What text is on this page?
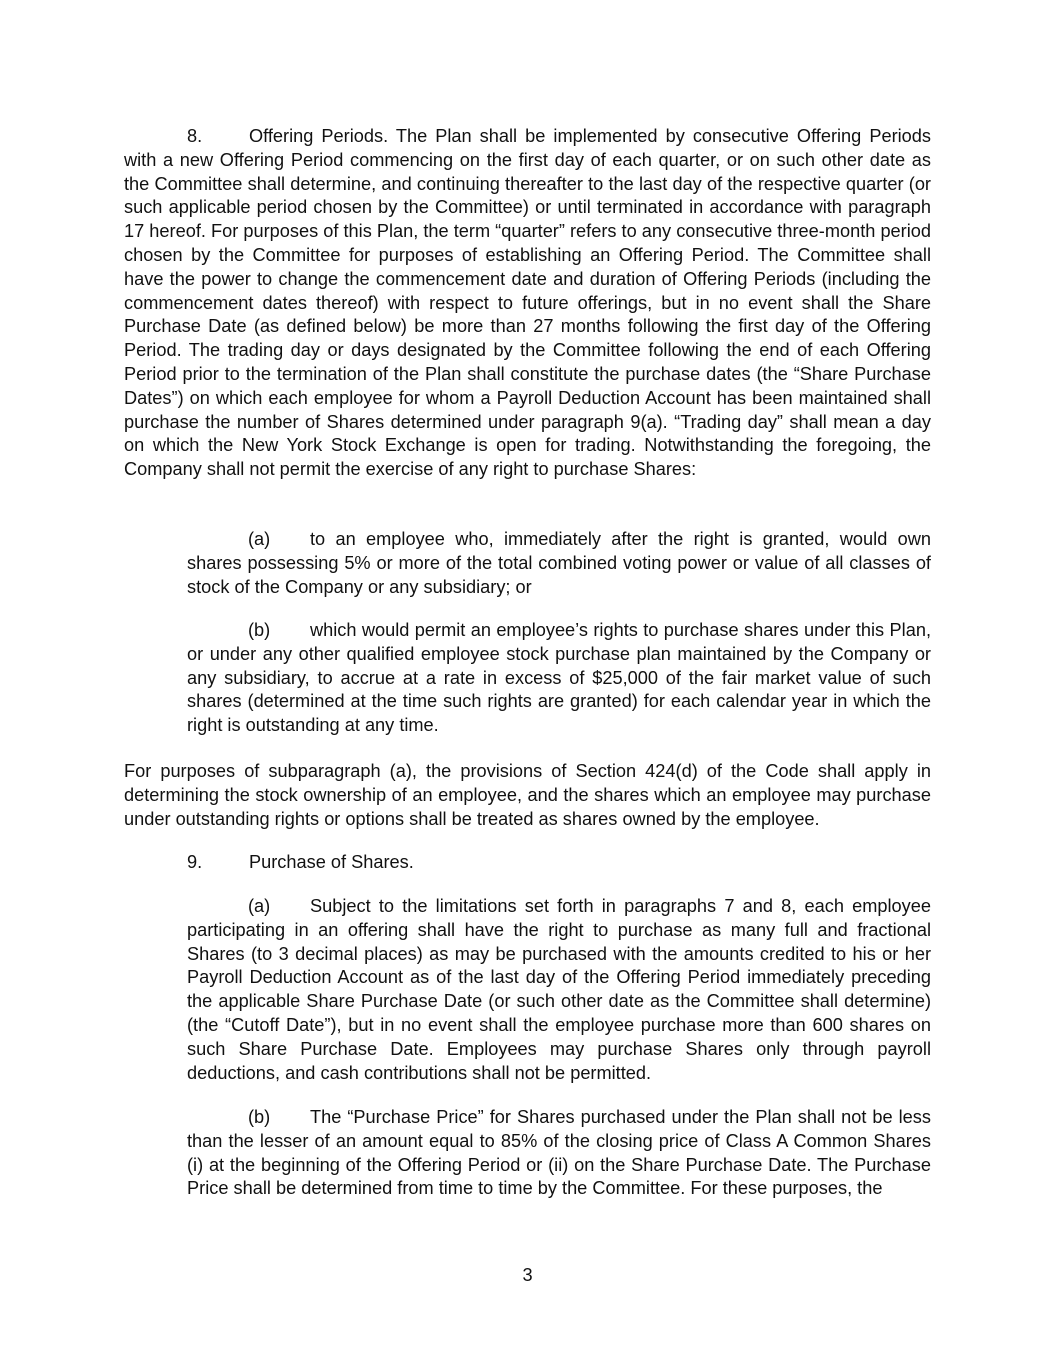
8.	Offering Periods. The Plan shall be implemented by consecutive Offering Periods with a new Offering Period commencing on the first day of each quarter, or on such other date as the Committee shall determine, and continuing thereafter to the last day of the respective quarter (or such applicable period chosen by the Committee) or until terminated in accordance with paragraph 17 hereof. For purposes of this Plan, the term “quarter” refers to any consecutive three-month period chosen by the Committee for purposes of establishing an Offering Period. The Committee shall have the power to change the commencement date and duration of Offering Periods (including the commencement dates thereof) with respect to future offerings, but in no event shall the Share Purchase Date (as defined below) be more than 27 months following the first day of the Offering Period. The trading day or days designated by the Committee following the end of each Offering Period prior to the termination of the Plan shall constitute the purchase dates (the “Share Purchase Dates”) on which each employee for whom a Payroll Deduction Account has been maintained shall purchase the number of Shares determined under paragraph 9(a). “Trading day” shall mean a day on which the New York Stock Exchange is open for trading. Notwithstanding the foregoing, the Company shall not permit the exercise of any right to purchase Shares:

(a) to an employee who, immediately after the right is granted, would own shares possessing 5% or more of the total combined voting power or value of all classes of stock of the Company or any subsidiary; or

(b) which would permit an employee’s rights to purchase shares under this Plan, or under any other qualified employee stock purchase plan maintained by the Company or any subsidiary, to accrue at a rate in excess of $25,000 of the fair market value of such shares (determined at the time such rights are granted) for each calendar year in which the right is outstanding at any time.

For purposes of subparagraph (a), the provisions of Section 424(d) of the Code shall apply in determining the stock ownership of an employee, and the shares which an employee may purchase under outstanding rights or options shall be treated as shares owned by the employee.

9.	Purchase of Shares.

(a) Subject to the limitations set forth in paragraphs 7 and 8, each employee participating in an offering shall have the right to purchase as many full and fractional Shares (to 3 decimal places) as may be purchased with the amounts credited to his or her Payroll Deduction Account as of the last day of the Offering Period immediately preceding the applicable Share Purchase Date (or such other date as the Committee shall determine) (the “Cutoff Date”), but in no event shall the employee purchase more than 600 shares on such Share Purchase Date. Employees may purchase Shares only through payroll deductions, and cash contributions shall not be permitted.

(b) The “Purchase Price” for Shares purchased under the Plan shall not be less than the lesser of an amount equal to 85% of the closing price of Class A Common Shares (i) at the beginning of the Offering Period or (ii) on the Share Purchase Date. The Purchase Price shall be determined from time to time by the Committee. For these purposes, the

3
